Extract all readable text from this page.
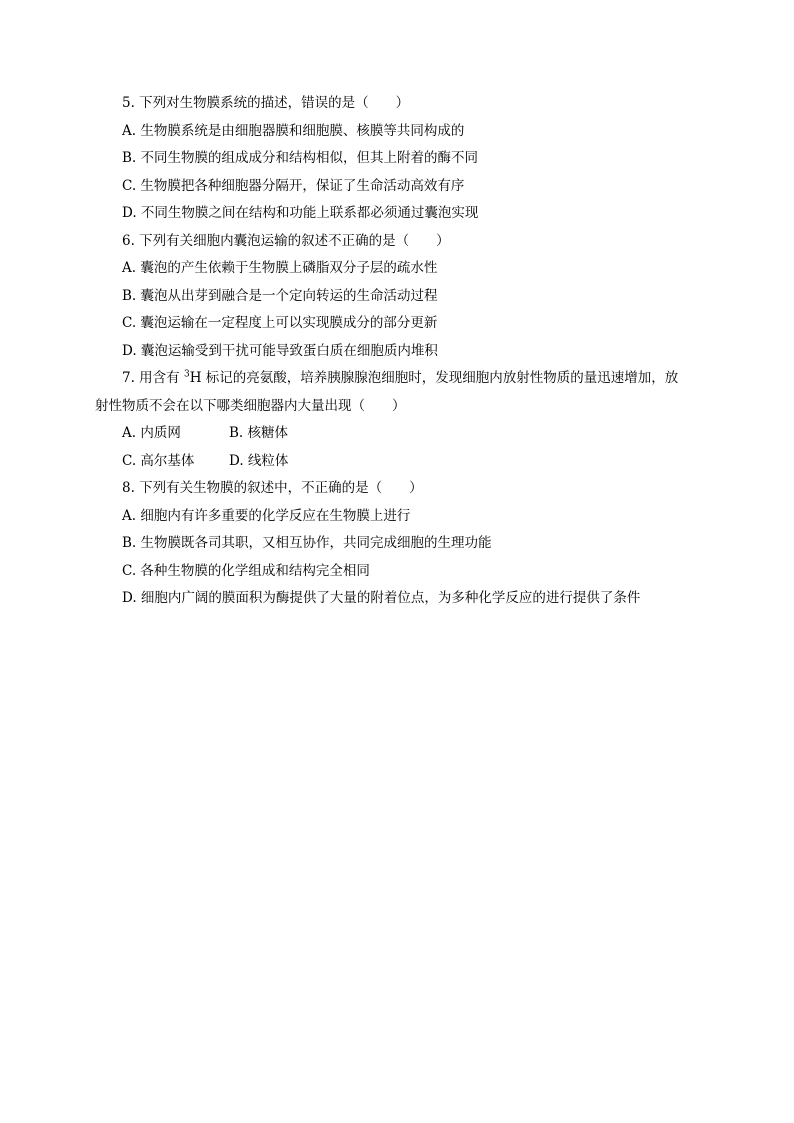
5. 下列对生物膜系统的描述，错误的是（　　）
A. 生物膜系统是由细胞器膜和细胞膜、核膜等共同构成的
B. 不同生物膜的组成成分和结构相似，但其上附着的酶不同
C. 生物膜把各种细胞器分隔开，保证了生命活动高效有序
D. 不同生物膜之间在结构和功能上联系都必须通过囊泡实现
6. 下列有关细胞内囊泡运输的叙述不正确的是（　　）
A. 囊泡的产生依赖于生物膜上磷脂双分子层的疏水性
B. 囊泡从出芽到融合是一个定向转运的生命活动过程
C. 囊泡运输在一定程度上可以实现膜成分的部分更新
D. 囊泡运输受到干扰可能导致蛋白质在细胞质内堆积
7. 用含有 $^3$H 标记的亮氨酸，培养胰腺腺泡细胞时，发现细胞内放射性物质的量迅速增加，放
射性物质不会在以下哪类细胞器内大量出现（　　）
A. 内质网	B. 核糖体
C. 高尔基体	D. 线粒体
8. 下列有关生物膜的叙述中，不正确的是（　　）
A. 细胞内有许多重要的化学反应在生物膜上进行
B. 生物膜既各司其职，又相互协作，共同完成细胞的生理功能
C. 各种生物膜的化学组成和结构完全相同
D. 细胞内广阔的膜面积为酶提供了大量的附着位点，为多种化学反应的进行提供了条件
